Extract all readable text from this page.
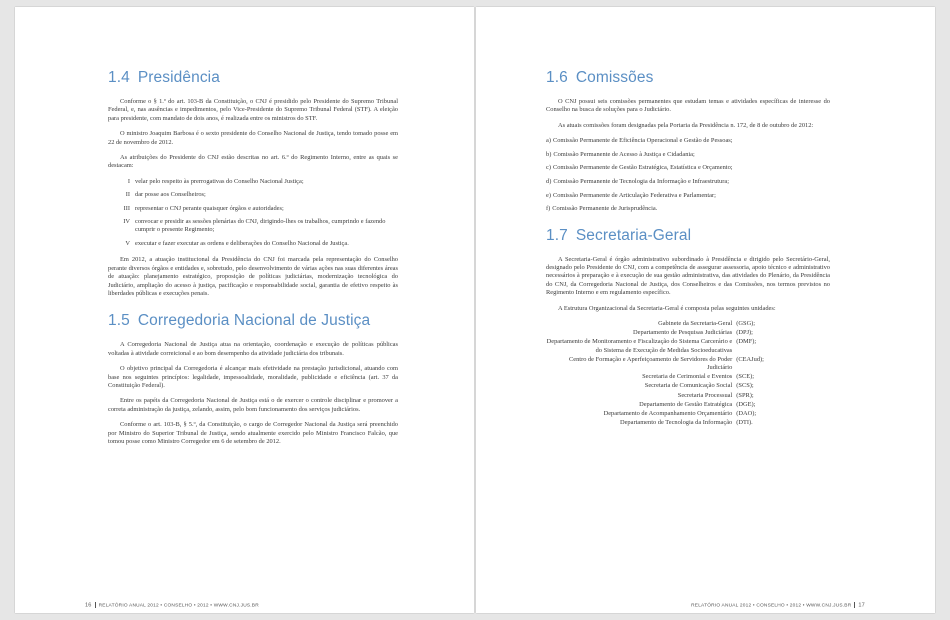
1.4 Presidência

Conforme o § 1.º do art. 103-B da Constituição, o CNJ é presidido pelo Presidente do Supremo Tribunal Federal, e, nas ausências e impedimentos, pelo Vice-Presidente do Supremo Tribunal Federal (STF). A eleição para presidente, com mandato de dois anos, é realizada entre os ministros do STF.

O ministro Joaquim Barbosa é o sexto presidente do Conselho Nacional de Justiça, tendo tomado posse em 22 de novembro de 2012.

As atribuições do Presidente do CNJ estão descritas no art. 6.º do Regimento Interno, entre as quais se destacam:

I velar pelo respeito às prerrogativas do Conselho Nacional Justiça;
II dar posse aos Conselheiros;
III representar o CNJ perante quaisquer órgãos e autoridades;
IV convocar e presidir as sessões plenárias do CNJ, dirigindo-lhes os trabalhos, cumprindo e fazendo cumprir o presente Regimento;
V executar e fazer executar as ordens e deliberações do Conselho Nacional de Justiça.

Em 2012, a atuação institucional da Presidência do CNJ foi marcada pela representação do Conselho perante diversos órgãos e entidades e, sobretudo, pelo desenvolvimento de várias ações nas suas diferentes áreas de atuação: planejamento estratégico, proposição de políticas judiciárias, modernização tecnológica do Judiciário, ampliação do acesso à justiça, pacificação e responsabilidade social, garantia de efetivo respeito às liberdades públicas e execuções penais.

1.5 Corregedoria Nacional de Justiça

A Corregedoria Nacional de Justiça atua na orientação, coordenação e execução de políticas públicas voltadas à atividade correicional e ao bom desempenho da atividade judiciária dos tribunais.

O objetivo principal da Corregedoria é alcançar mais efetividade na prestação jurisdicional, atuando com base nos seguintes princípios: legalidade, impessoalidade, moralidade, publicidade e eficiência (art. 37 da Constituição Federal).

Entre os papéis da Corregedoria Nacional de Justiça está o de exercer o controle disciplinar e promover a correta administração da justiça, zelando, assim, pelo bom funcionamento dos serviços judiciários.

Conforme o art. 103-B, § 5.º, da Constituição, o cargo de Corregedor Nacional da Justiça será preenchido por Ministro do Superior Tribunal de Justiça, sendo atualmente exercido pelo Ministro Francisco Falcão, que tomou posse como Ministro Corregedor em 6 de setembro de 2012.

16 RELATÓRIO ANUAL 2012 • CONSELHO • 2012 • WWW.CNJ.JUS.BR
1.6 Comissões

O CNJ possui seis comissões permanentes que estudam temas e atividades específicas de interesse do Conselho na busca de soluções para o Judiciário.

As atuais comissões foram designadas pela Portaria da Presidência n. 172, de 8 de outubro de 2012:

a) Comissão Permanente de Eficiência Operacional e Gestão de Pessoas;
b) Comissão Permanente de Acesso à Justiça e Cidadania;
c) Comissão Permanente de Gestão Estratégica, Estatística e Orçamento;
d) Comissão Permanente de Tecnologia da Informação e Infraestrutura;
e) Comissão Permanente de Articulação Federativa e Parlamentar;
f) Comissão Permanente de Jurisprudência.
1.7 Secretaria-Geral

A Secretaria-Geral é órgão administrativo subordinado à Presidência e dirigido pelo Secretário-Geral, designado pelo Presidente do CNJ, com a competência de assegurar assessoria, apoio técnico e administrativo necessários à preparação e à execução de sua gestão administrativa, das atividades do Plenário, da Presidência do CNJ, da Corregedoria Nacional de Justiça, dos Conselheiros e das Comissões, nos termos previstos no Regimento Interno e em regulamento específico.

A Estrutura Organizacional da Secretaria-Geral é composta pelas seguintes unidades:

Gabinete da Secretaria-Geral	(GSG);
Departamento de Pesquisas Judiciárias	(DPJ);
Departamento de Monitoramento e Fiscalização do Sistema Carcerário e do Sistema de Execução de Medidas Socioeducativas	(DMF);
Centro de Formação e Aperfeiçoamento de Servidores do Poder Judiciário	(CEAJud);
Secretaria de Cerimonial e Eventos	(SCE);
Secretaria de Comunicação Social	(SCS);
Secretaria Processual	(SPR);
Departamento de Gestão Estratégica	(DGE);
Departamento de Acompanhamento Orçamentário	(DAO);
Departamento de Tecnologia da Informação	(DTI).
RELATÓRIO ANUAL 2012 • CONSELHO • 2012 • WWW.CNJ.JUS.BR 17
